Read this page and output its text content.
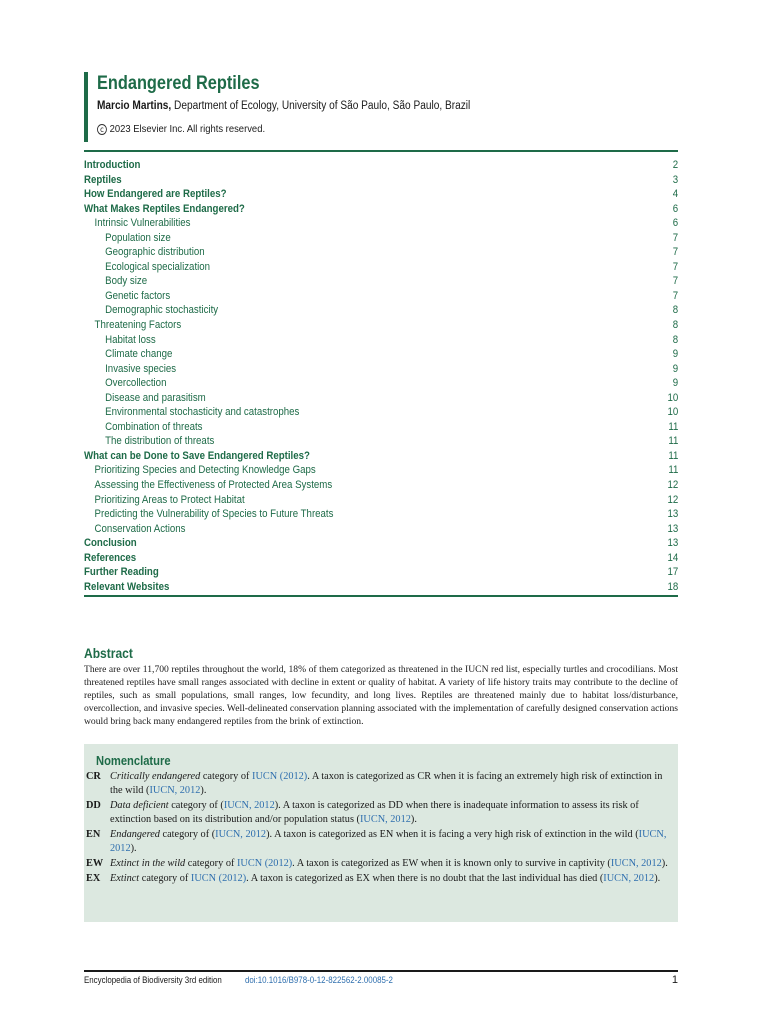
Endangered Reptiles
Marcio Martins, Department of Ecology, University of São Paulo, São Paulo, Brazil
c 2023 Elsevier Inc. All rights reserved.
Introduction	2
Reptiles	3
How Endangered are Reptiles?	4
What Makes Reptiles Endangered?	6
Intrinsic Vulnerabilities	6
Population size	7
Geographic distribution	7
Ecological specialization	7
Body size	7
Genetic factors	7
Demographic stochasticity	8
Threatening Factors	8
Habitat loss	8
Climate change	9
Invasive species	9
Overcollection	9
Disease and parasitism	10
Environmental stochasticity and catastrophes	10
Combination of threats	11
The distribution of threats	11
What can be Done to Save Endangered Reptiles?	11
Prioritizing Species and Detecting Knowledge Gaps	11
Assessing the Effectiveness of Protected Area Systems	12
Prioritizing Areas to Protect Habitat	12
Predicting the Vulnerability of Species to Future Threats	13
Conservation Actions	13
Conclusion	13
References	14
Further Reading	17
Relevant Websites	18
Abstract

There are over 11,700 reptiles throughout the world, 18% of them categorized as threatened in the IUCN red list, especially turtles and crocodilians. Most threatened reptiles have small ranges associated with decline in extent or quality of habitat. A variety of life history traits may contribute to the decline of reptiles, such as small populations, small ranges, low fecundity, and long lives. Reptiles are threatened mainly due to habitat loss/disturbance, overcollection, and invasive species. Well-delineated conservation planning associated with the implementation of carefully designed conservation actions would bring back many endangered reptiles from the brink of extinction.

Nomenclature
CR Critically endangered category of IUCN (2012). A taxon is categorized as CR when it is facing an extremely high risk of extinction in the wild (IUCN, 2012).
DD Data deficient category of (IUCN, 2012). A taxon is categorized as DD when there is inadequate information to assess its risk of extinction based on its distribution and/or population status (IUCN, 2012).
EN Endangered category of (IUCN, 2012). A taxon is categorized as EN when it is facing a very high risk of extinction in the wild (IUCN, 2012).
EW Extinct in the wild category of IUCN (2012). A taxon is categorized as EW when it is known only to survive in captivity (IUCN, 2012).
EX Extinct category of IUCN (2012). A taxon is categorized as EX when there is no doubt that the last individual has died (IUCN, 2012).
Encyclopedia of Biodiversity 3rd edition	doi:10.1016/B978-0-12-822562-2.00085-2	1
